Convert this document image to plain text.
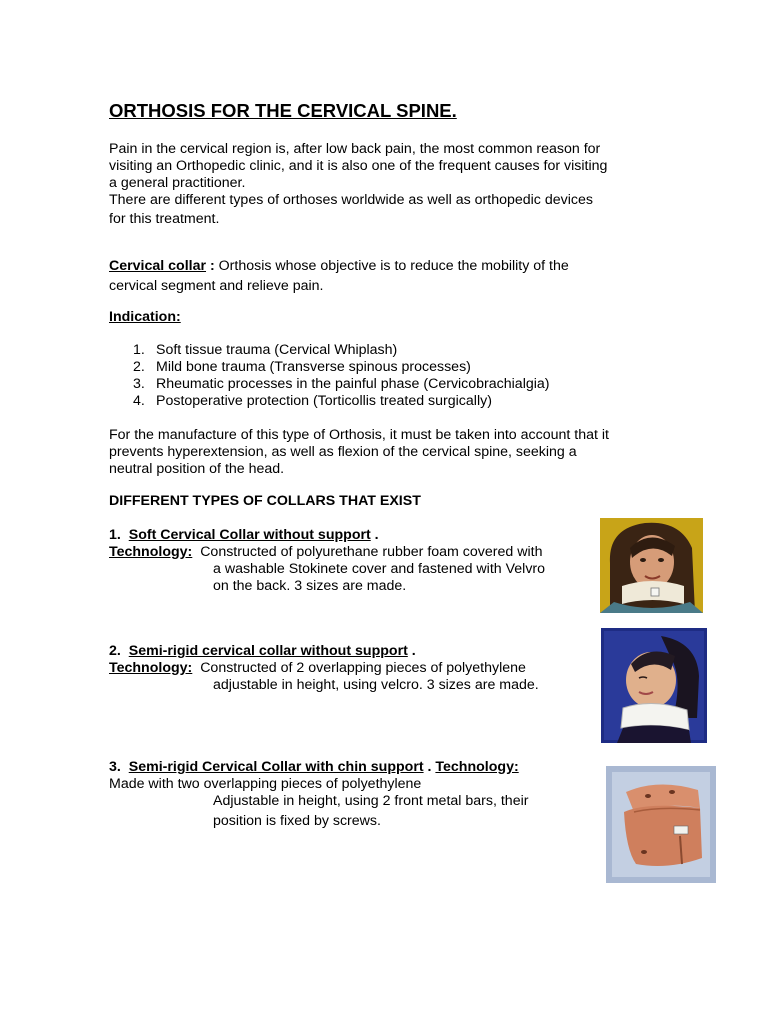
ORTHOSIS FOR THE CERVICAL SPINE.
Pain in the cervical region is, after low back pain, the most common reason for
visiting an Orthopedic clinic, and it is also one of the frequent causes for visiting
a general practitioner.
There are different types of orthoses worldwide as well as orthopedic devices
for this treatment.
Cervical collar : Orthosis whose objective is to reduce the mobility of the
cervical segment and relieve pain.
Indication:
1. Soft tissue trauma (Cervical Whiplash)
2. Mild bone trauma (Transverse spinous processes)
3. Rheumatic processes in the painful phase (Cervicobrachialgia)
4. Postoperative protection (Torticollis treated surgically)
For the manufacture of this type of Orthosis, it must be taken into account that it
prevents hyperextension, as well as flexion of the cervical spine, seeking a
neutral position of the head.
DIFFERENT TYPES OF COLLARS THAT EXIST
1. Soft Cervical Collar without support .
Technology: Constructed of polyurethane rubber foam covered with
a washable Stokinete cover and fastened with Velvro
on the back. 3 sizes are made.
2. Semi-rigid cervical collar without support .
Technology: Constructed of 2 overlapping pieces of polyethylene
adjustable in height, using velcro. 3 sizes are made.
3. Semi-rigid Cervical Collar with chin support . Technology:
Made with two overlapping pieces of polyethylene
Adjustable in height, using 2 front metal bars, their
position is fixed by screws.
